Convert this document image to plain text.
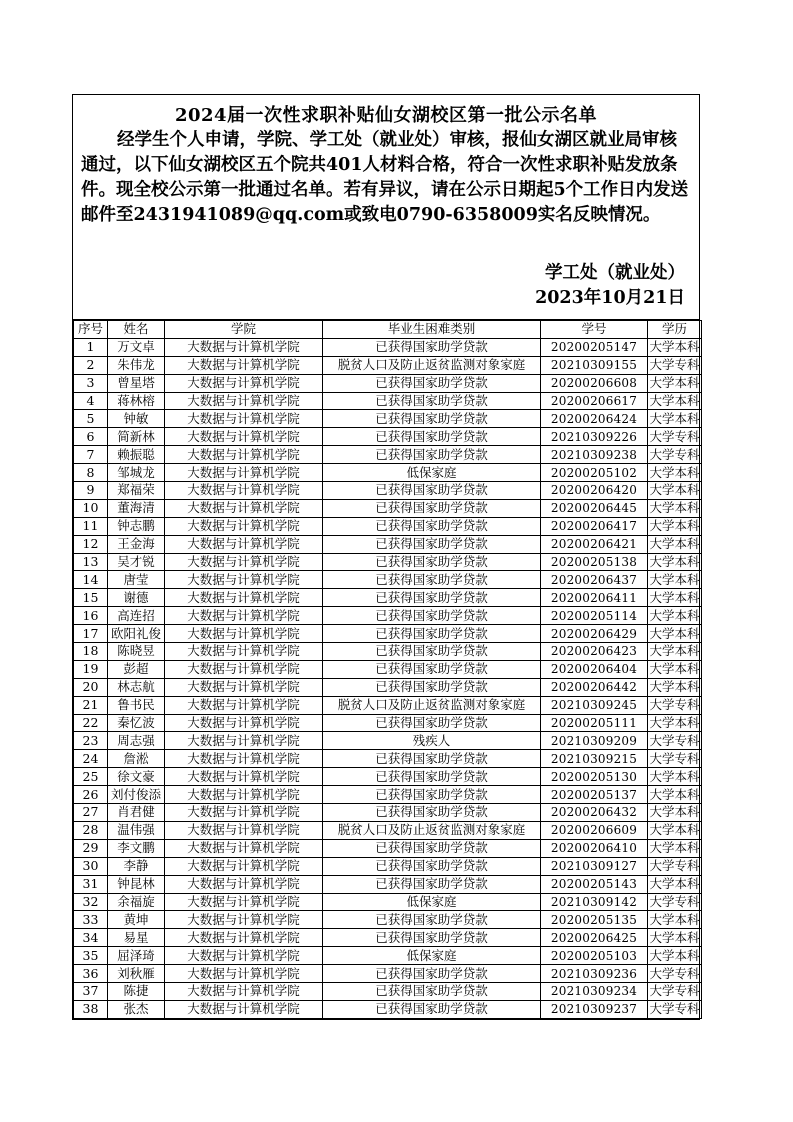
2024届一次性求职补贴仙女湖校区第一批公示名单
经学生个人申请，学院、学工处（就业处）审核，报仙女湖区就业局审核通过，以下仙女湖校区五个院共401人材料合格，符合一次性求职补贴发放条件。现全校公示第一批通过名单。若有异议，请在公示日期起5个工作日内发送邮件至2431941089@qq.com或致电0790-6358009实名反映情况。
学工处（就业处）
2023年10月21日
序号	姓名	学院	毕业生困难类别	学号	学历
1	万文卓	大数据与计算机学院	已获得国家助学贷款	20200205147	大学本科
2	朱伟龙	大数据与计算机学院	脱贫人口及防止返贫监测对象家庭	20210309155	大学专科
3	曾星塔	大数据与计算机学院	已获得国家助学贷款	20200206608	大学本科
4	蒋林榕	大数据与计算机学院	已获得国家助学贷款	20200206617	大学本科
5	钟敏	大数据与计算机学院	已获得国家助学贷款	20200206424	大学本科
6	简新林	大数据与计算机学院	已获得国家助学贷款	20210309226	大学专科
7	赖振聪	大数据与计算机学院	已获得国家助学贷款	20210309238	大学专科
8	邹城龙	大数据与计算机学院	低保家庭	20200205102	大学本科
9	郑福荣	大数据与计算机学院	已获得国家助学贷款	20200206420	大学本科
10	董海清	大数据与计算机学院	已获得国家助学贷款	20200206445	大学本科
11	钟志鹏	大数据与计算机学院	已获得国家助学贷款	20200206417	大学本科
12	王金海	大数据与计算机学院	已获得国家助学贷款	20200206421	大学本科
13	吴才锐	大数据与计算机学院	已获得国家助学贷款	20200205138	大学本科
14	唐莹	大数据与计算机学院	已获得国家助学贷款	20200206437	大学本科
15	谢德	大数据与计算机学院	已获得国家助学贷款	20200206411	大学本科
16	高连招	大数据与计算机学院	已获得国家助学贷款	20200205114	大学本科
17	欧阳礼俊	大数据与计算机学院	已获得国家助学贷款	20200206429	大学本科
18	陈晓昱	大数据与计算机学院	已获得国家助学贷款	20200206423	大学本科
19	彭超	大数据与计算机学院	已获得国家助学贷款	20200206404	大学本科
20	林志航	大数据与计算机学院	已获得国家助学贷款	20200206442	大学本科
21	鲁书民	大数据与计算机学院	脱贫人口及防止返贫监测对象家庭	20210309245	大学专科
22	秦忆波	大数据与计算机学院	已获得国家助学贷款	20200205111	大学本科
23	周志强	大数据与计算机学院	残疾人	20210309209	大学专科
24	詹淞	大数据与计算机学院	已获得国家助学贷款	20210309215	大学专科
25	徐文豪	大数据与计算机学院	已获得国家助学贷款	20200205130	大学本科
26	刘付俊添	大数据与计算机学院	已获得国家助学贷款	20200205137	大学本科
27	肖君健	大数据与计算机学院	已获得国家助学贷款	20200206432	大学本科
28	温伟强	大数据与计算机学院	脱贫人口及防止返贫监测对象家庭	20200206609	大学本科
29	李文鹏	大数据与计算机学院	已获得国家助学贷款	20200206410	大学本科
30	李静	大数据与计算机学院	已获得国家助学贷款	20210309127	大学专科
31	钟昆林	大数据与计算机学院	已获得国家助学贷款	20200205143	大学本科
32	余福旋	大数据与计算机学院	低保家庭	20210309142	大学专科
33	黄坤	大数据与计算机学院	已获得国家助学贷款	20200205135	大学本科
34	易星	大数据与计算机学院	已获得国家助学贷款	20200206425	大学本科
35	屈泽琦	大数据与计算机学院	低保家庭	20200205103	大学本科
36	刘秋雁	大数据与计算机学院	已获得国家助学贷款	20210309236	大学专科
37	陈捷	大数据与计算机学院	已获得国家助学贷款	20210309234	大学专科
38	张杰	大数据与计算机学院	已获得国家助学贷款	20210309237	大学专科
